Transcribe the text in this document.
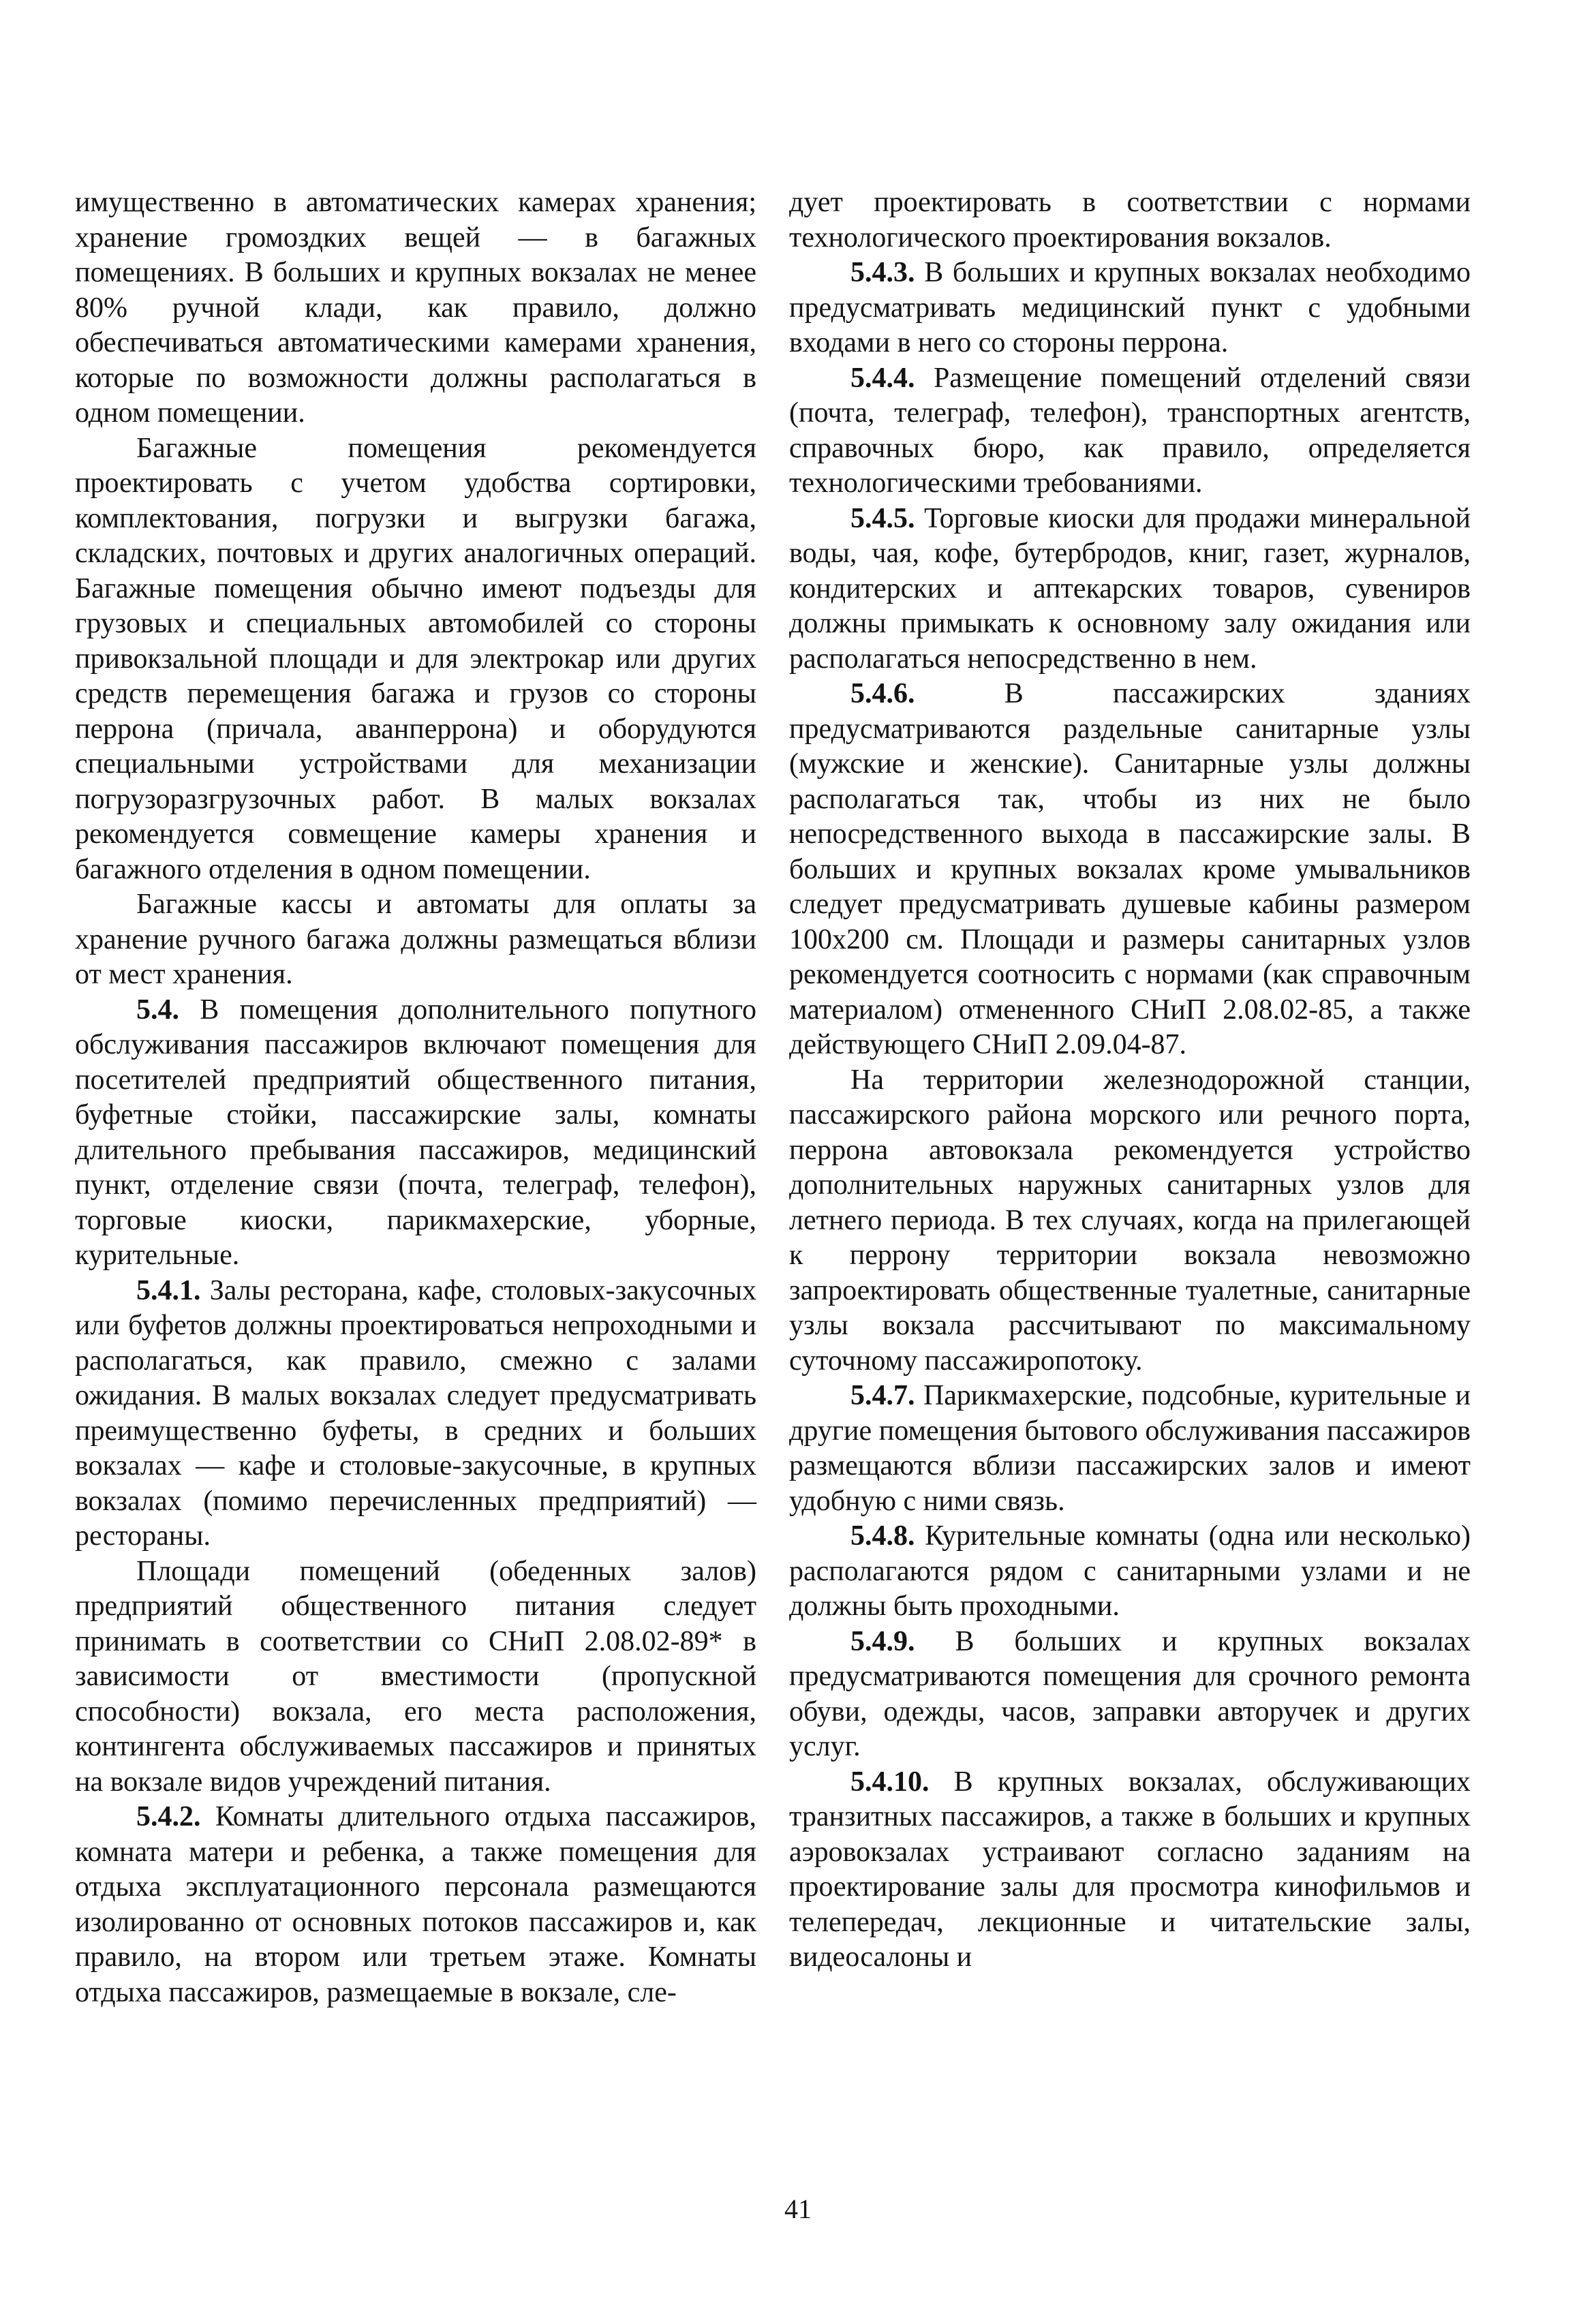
имущественно в автоматических камерах хранения; хранение громоздких вещей — в багажных помещениях. В больших и крупных вокзалах не менее 80% ручной клади, как правило, должно обеспечиваться автоматическими камерами хранения, которые по возможности должны располагаться в одном помещении.

Багажные помещения рекомендуется проектировать с учетом удобства сортировки, комплектования, погрузки и выгрузки багажа, складских, почтовых и других аналогичных операций. Багажные помещения обычно имеют подъезды для грузовых и специальных автомобилей со стороны привокзальной площади и для электрокар или других средств перемещения багажа и грузов со стороны перрона (причала, аванперрона) и оборудуются специальными устройствами для механизации погрузоразгрузочных работ. В малых вокзалах рекомендуется совмещение камеры хранения и багажного отделения в одном помещении.

Багажные кассы и автоматы для оплаты за хранение ручного багажа должны размещаться вблизи от мест хранения.

5.4. В помещения дополнительного попутного обслуживания пассажиров включают помещения для посетителей предприятий общественного питания, буфетные стойки, пассажирские залы, комнаты длительного пребывания пассажиров, медицинский пункт, отделение связи (почта, телеграф, телефон), торговые киоски, парикмахерские, уборные, курительные.

5.4.1. Залы ресторана, кафе, столовых-закусочных или буфетов должны проектироваться непроходными и располагаться, как правило, смежно с залами ожидания. В малых вокзалах следует предусматривать преимущественно буфеты, в средних и больших вокзалах — кафе и столовые-закусочные, в крупных вокзалах (помимо перечисленных предприятий) — рестораны.

Площади помещений (обеденных залов) предприятий общественного питания следует принимать в соответствии со СНиП 2.08.02-89* в зависимости от вместимости (пропускной способности) вокзала, его места расположения, контингента обслуживаемых пассажиров и принятых на вокзале видов учреждений питания.

5.4.2. Комнаты длительного отдыха пассажиров, комната матери и ребенка, а также помещения для отдыха эксплуатационного персонала размещаются изолированно от основных потоков пассажиров и, как правило, на втором или третьем этаже. Комнаты отдыха пассажиров, размещаемые в вокзале, сле-

дует проектировать в соответствии с нормами технологического проектирования вокзалов.

5.4.3. В больших и крупных вокзалах необходимо предусматривать медицинский пункт с удобными входами в него со стороны перрона.

5.4.4. Размещение помещений отделений связи (почта, телеграф, телефон), транспортных агентств, справочных бюро, как правило, определяется технологическими требованиями.

5.4.5. Торговые киоски для продажи минеральной воды, чая, кофе, бутербродов, книг, газет, журналов, кондитерских и аптекарских товаров, сувениров должны примыкать к основному залу ожидания или располагаться непосредственно в нем.

5.4.6.	В пассажирских зданиях предусматриваются раздельные санитарные узлы (мужские и женские). Санитарные узлы должны располагаться так, чтобы из них не было непосредственного выхода в пассажирские залы. В больших и крупных вокзалах кроме умывальников следует предусматривать душевые кабины размером 100х200 см. Площади и размеры санитарных узлов рекомендуется соотносить с нормами (как справочным материалом) отмененного СНиП 2.08.02-85, а также действующего СНиП 2.09.04-87.

На территории железнодорожной станции, пассажирского района морского или речного порта, перрона автовокзала рекомендуется устройство дополнительных наружных санитарных узлов для летнего периода. В тех случаях, когда на прилегающей к перрону территории вокзала невозможно запроектировать общественные туалетные, санитарные узлы вокзала рассчитывают по максимальному суточному пассажиропотоку.

5.4.7. Парикмахерские, подсобные, курительные и другие помещения бытового обслуживания пассажиров размещаются вблизи пассажирских залов и имеют удобную с ними связь.

5.4.8. Курительные комнаты (одна или несколько) располагаются рядом с санитарными узлами и не должны быть проходными.

5.4.9. В больших и крупных вокзалах предусматриваются помещения для срочного ремонта обуви, одежды, часов, заправки авторучек и других услуг.

5.4.10. В крупных вокзалах, обслуживающих транзитных пассажиров, а также в больших и крупных аэровокзалах устраивают согласно заданиям на проектирование залы для просмотра кинофильмов и телепередач, лекционные и читательские залы, видеосалоны и

41
